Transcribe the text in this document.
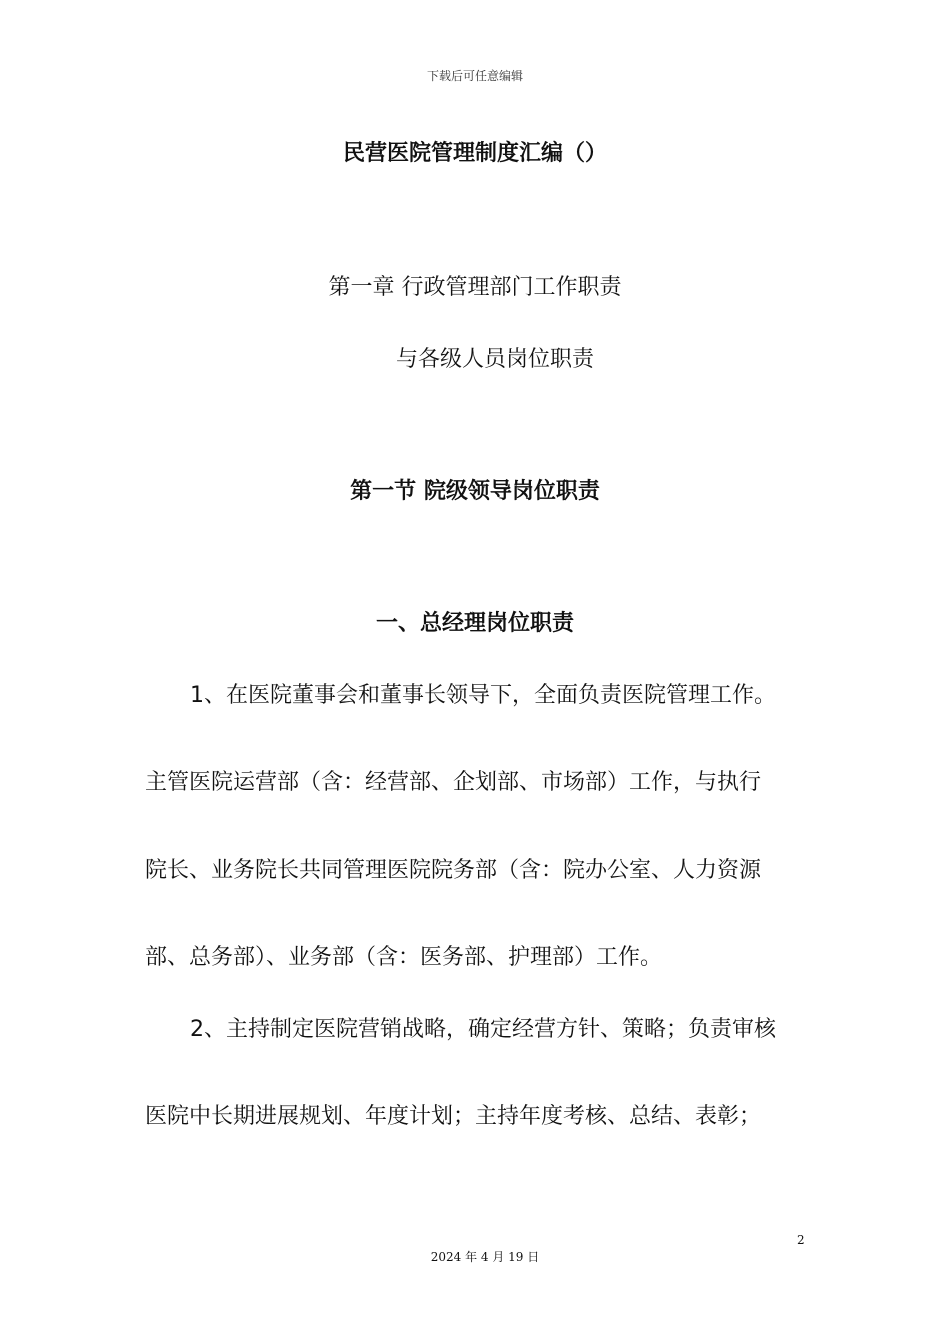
下载后可任意编辑
民营医院管理制度汇编（）
第一章 行政管理部门工作职责
与各级人员岗位职责
第一节 院级领导岗位职责
一、总经理岗位职责
1、在医院董事会和董事长领导下，全面负责医院管理工作。
主管医院运营部（含：经营部、企划部、市场部）工作，与执行
院长、业务院长共同管理医院院务部（含：院办公室、人力资源
部、总务部）、业务部（含：医务部、护理部）工作。
2、主持制定医院营销战略，确定经营方针、策略；负责审核
医院中长期进展规划、年度计划；主持年度考核、总结、表彰；
2
2024 年 4 月 19 日
